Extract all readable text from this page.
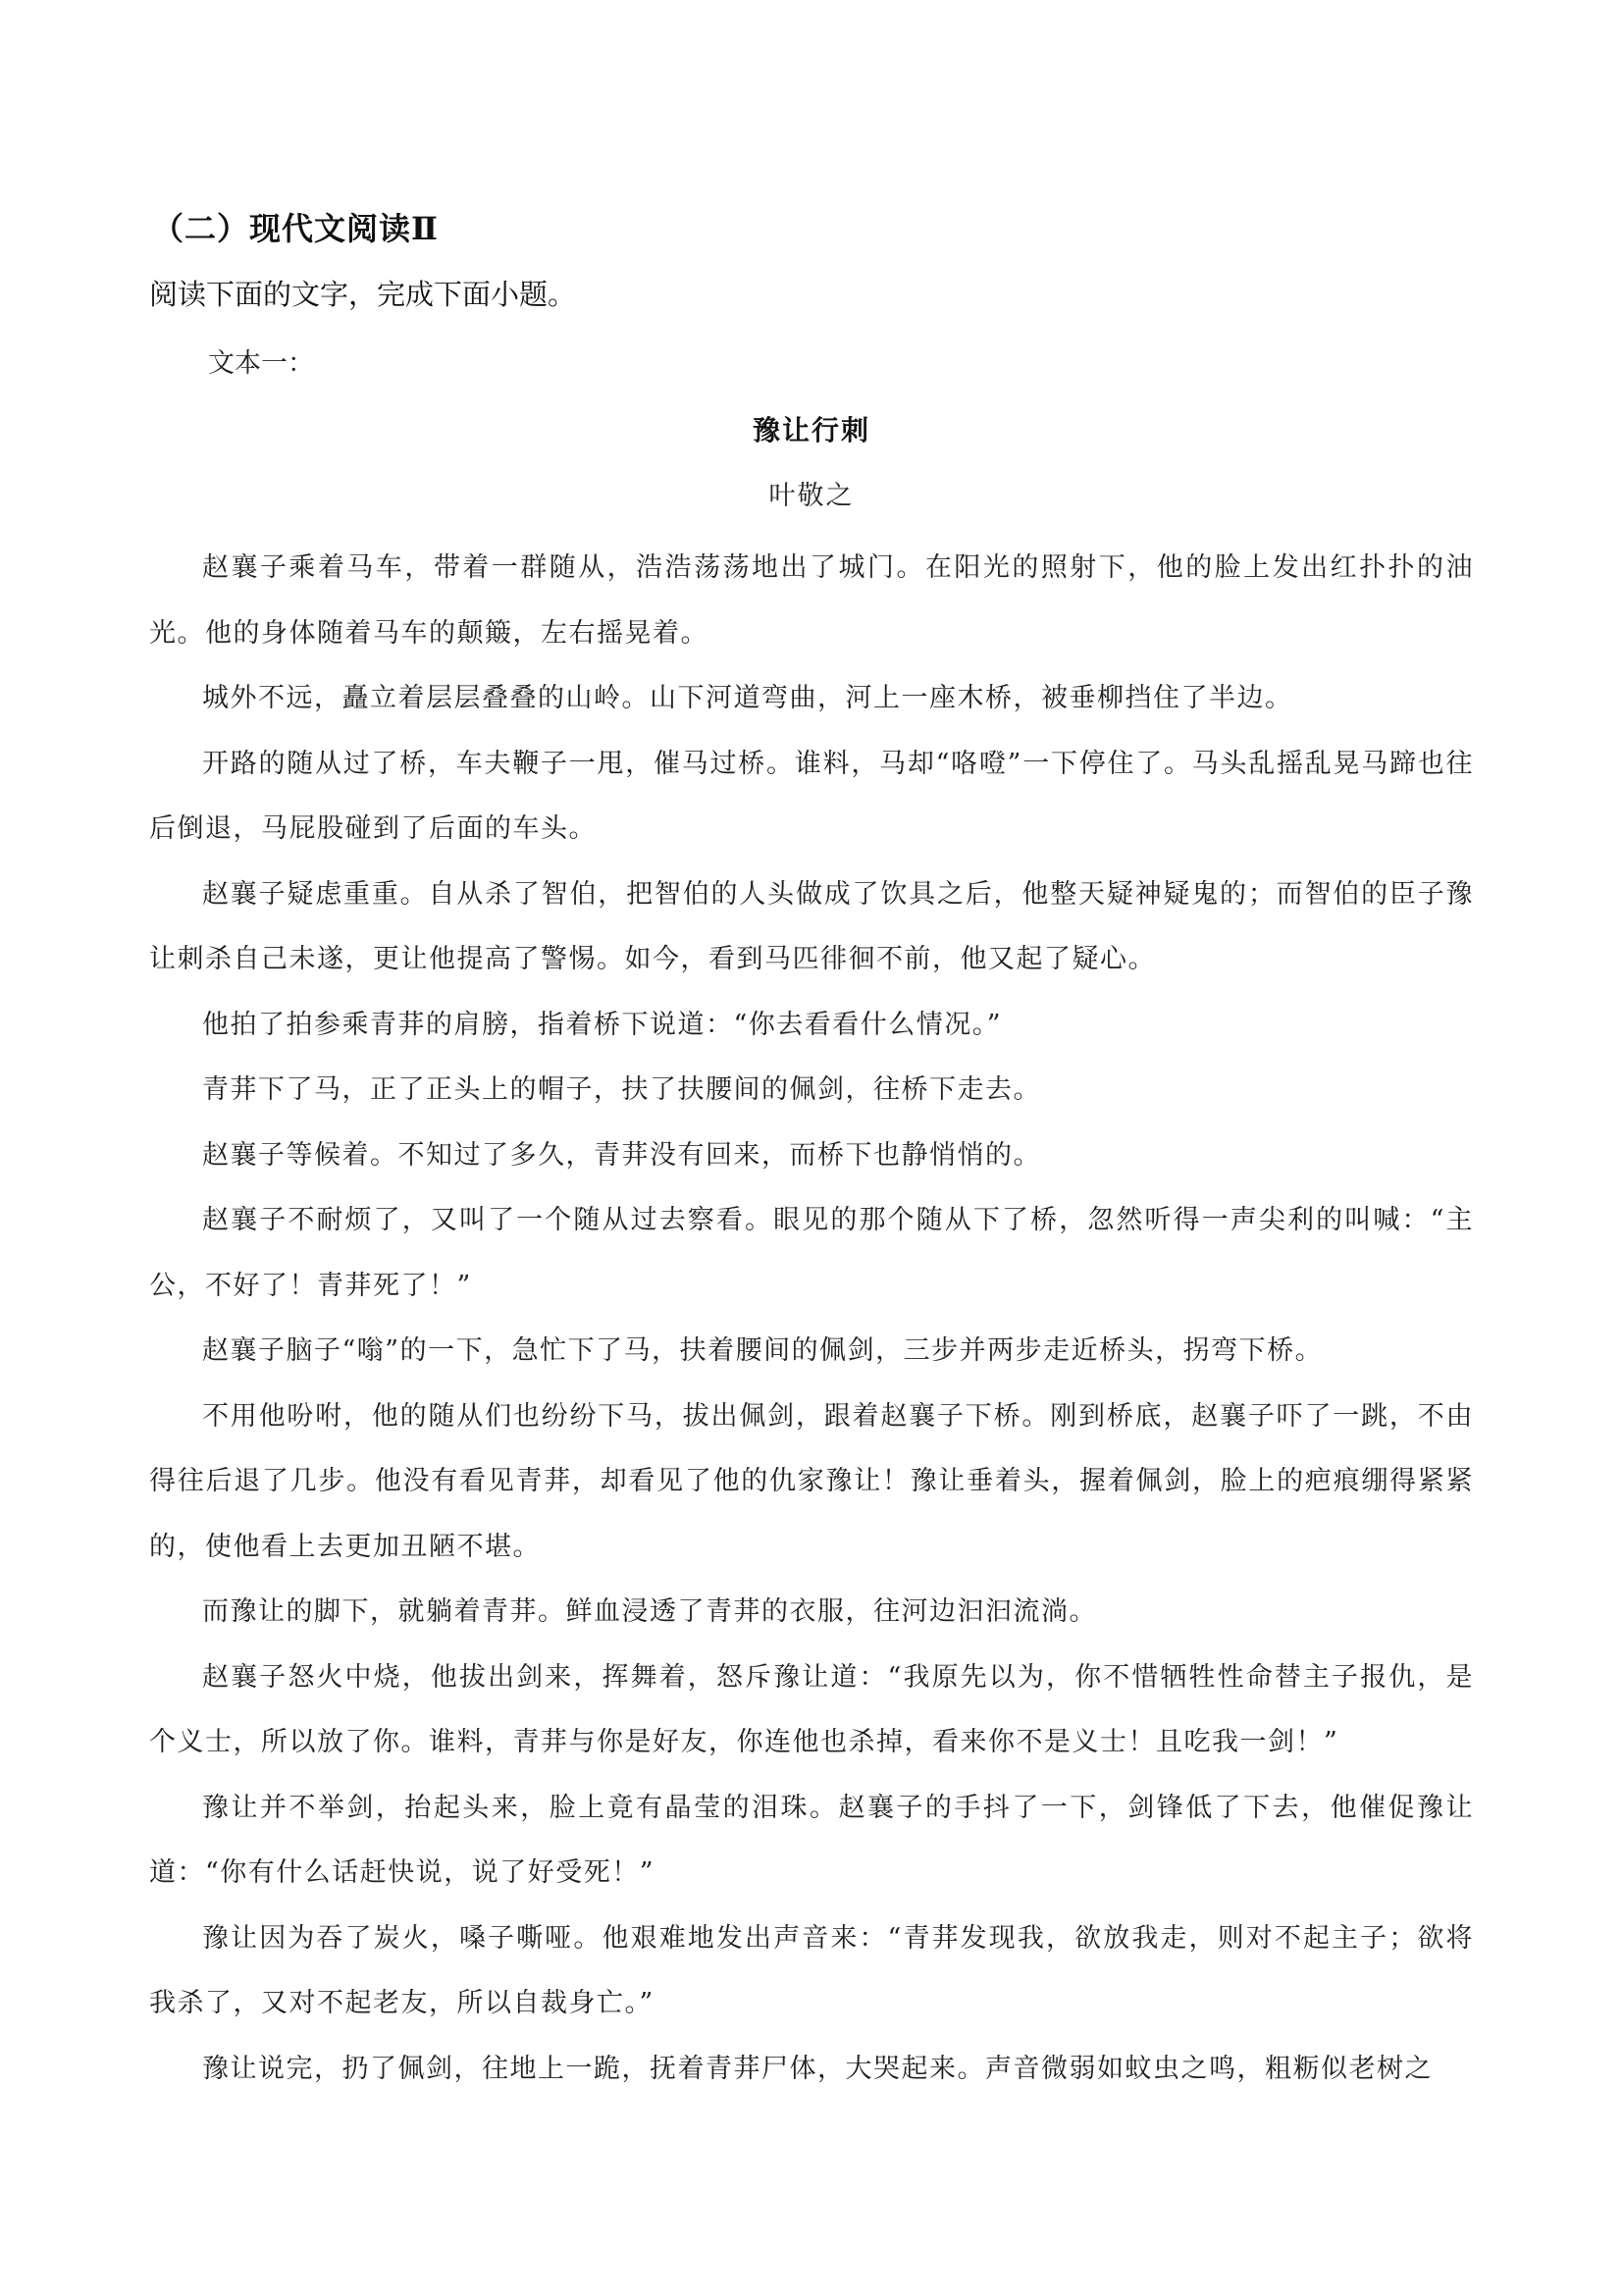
（二）现代文阅读Ⅱ
阅读下面的文字，完成下面小题。
文本一：
豫让行刺
叶敬之

赵襄子乘着马车，带着一群随从，浩浩荡荡地出了城门。在阳光的照射下，他的脸上发出红扑扑的油光。他的身体随着马车的颠簸，左右摇晃着。

城外不远，矗立着层层叠叠的山岭。山下河道弯曲，河上一座木桥，被垂柳挡住了半边。

开路的随从过了桥，车夫鞭子一甩，催马过桥。谁料，马却“咯噔”一下停住了。马头乱摇乱晃马蹄也往后倒退，马屁股碰到了后面的车头。

赵襄子疑虑重重。自从杀了智伯，把智伯的人头做成了饮具之后，他整天疑神疑鬼的；而智伯的臣子豫让刺杀自己未遂，更让他提高了警惕。如今，看到马匹徘徊不前，他又起了疑心。

他拍了拍参乘青荓的肩膀，指着桥下说道：“你去看看什么情况。”

青荓下了马，正了正头上的帽子，扶了扶腰间的佩剑，往桥下走去。

赵襄子等候着。不知过了多久，青荓没有回来，而桥下也静悄悄的。

赵襄子不耐烦了，又叫了一个随从过去察看。眼见的那个随从下了桥，忽然听得一声尖利的叫喊：“主公，不好了！青荓死了！”

赵襄子脑子“嗡”的一下，急忙下了马，扶着腰间的佩剑，三步并两步走近桥头，拐弯下桥。

不用他吩咐，他的随从们也纷纷下马，拔出佩剑，跟着赵襄子下桥。刚到桥底，赵襄子吓了一跳，不由得往后退了几步。他没有看见青荓，却看见了他的仇家豫让！豫让垂着头，握着佩剑，脸上的疤痕绷得紧紧的，使他看上去更加丑陋不堪。

而豫让的脚下，就躺着青荓。鲜血浸透了青荓的衣服，往河边汩汩流淌。

赵襄子怒火中烧，他拔出剑来，挥舞着，怒斥豫让道：“我原先以为，你不惜牺牲性命替主子报仇，是个义士，所以放了你。谁料，青荓与你是好友，你连他也杀掉，看来你不是义士！且吃我一剑！”

豫让并不举剑，抬起头来，脸上竟有晶莹的泪珠。赵襄子的手抖了一下，剑锋低了下去，他催促豫让道：“你有什么话赶快说，说了好受死！”

豫让因为吞了炭火，嗓子嘶哑。他艰难地发出声音来：“青荓发现我，欲放我走，则对不起主子；欲将我杀了，又对不起老友，所以自裁身亡。”

豫让说完，扔了佩剑，往地上一跪，抚着青荓尸体，大哭起来。声音微弱如蚊虫之鸣，粗粝似老树之
